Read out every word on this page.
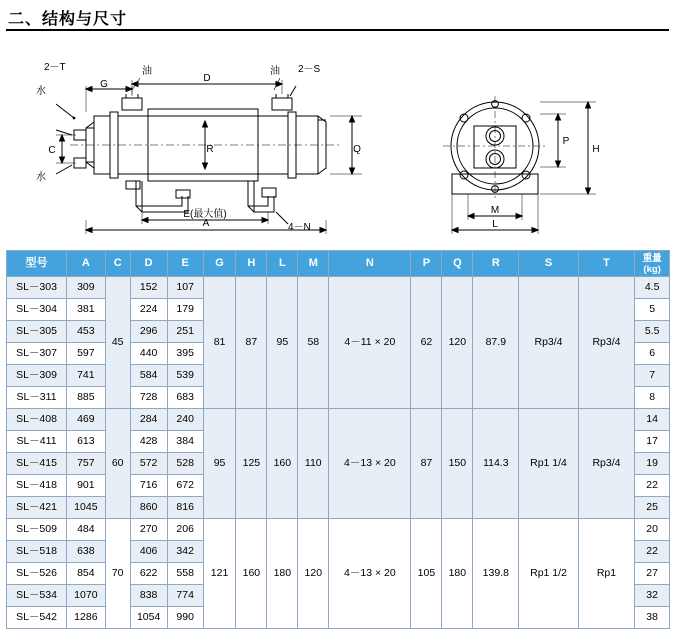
二、结构与尺寸
G
D
A
E(最大值)
C	R	Q
2－T
水
水
油	油 2－S
4－N
P
H
M
L
型号	A	C	D	E	G	H	L	M	N	P	Q	R	S	T	重量
(kg)

SL－303	309	45	152	107	81	87	95	58	4－11 × 20	62	120	87.9	Rp3/4	Rp3/4	4.5
SL－304	381		224	179											5
SL－305	453		296	251											5.5
SL－307	597		440	395											6
SL－309	741		584	539											7
SL－311	885		728	683											8
SL－408	469	60	284	240	95	125	160	110	4－13 × 20	87	150	114.3	Rp1 1/4	Rp3/4	14
SL－411	613		428	384											17
SL－415	757		572	528											19
SL－418	901		716	672											22
SL－421	1045		860	816											25
SL－509	484	70	270	206	121	160	180	120	4－13 × 20	105	180	139.8	Rp1 1/2	Rp1	20
SL－518	638		406	342											22
SL－526	854		622	558											27
SL－534	1070		838	774											32
SL－542	1286		1054	990											38
